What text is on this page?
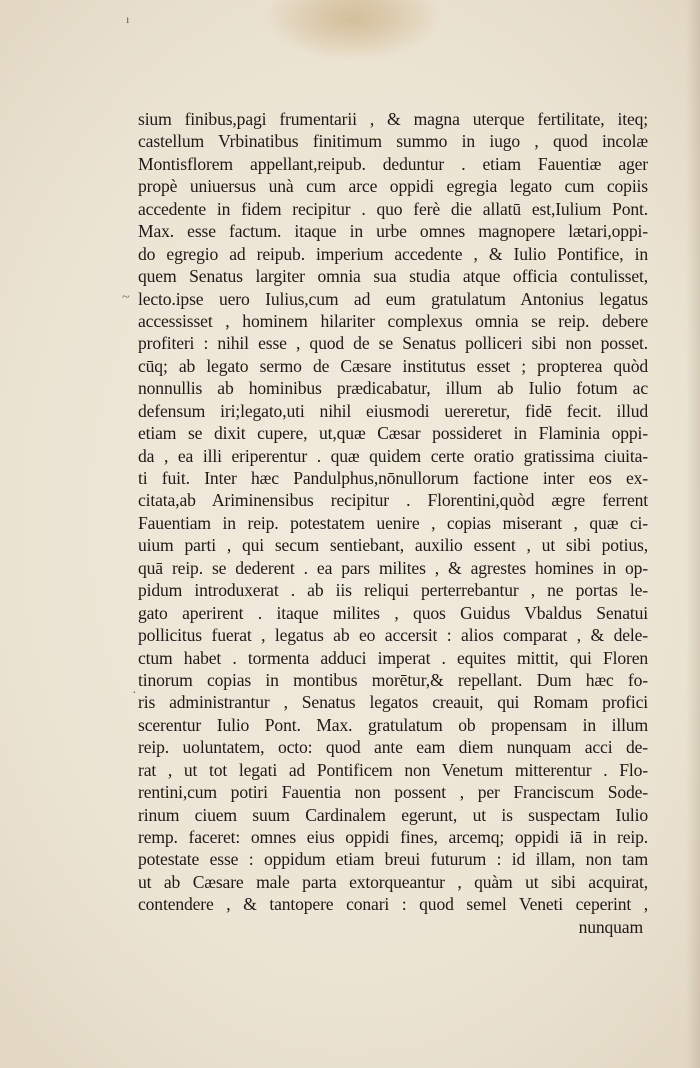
ı
~
·
sium finibus,pagi frumentarii , & magna uterque fertilitate, iteq;
castellum Vrbinatibus finitimum summo in iugo , quod incolæ
Montisflorem appellant,reipub. deduntur . etiam Fauentiæ ager
propè uniuersus unà cum arce oppidi egregia legato cum copiis
accedente in fidem recipitur . quo ferè die allatū est,Iulium Pont.
Max. esse factum. itaque in urbe omnes magnopere lætari,oppi-
do egregio ad reipub. imperium accedente , & Iulio Pontifice, in
quem Senatus largiter omnia sua studia atque officia contulisset,
lecto.ipse uero Iulius,cum ad eum gratulatum Antonius legatus
accessisset , hominem hilariter complexus omnia se reip. debere
profiteri : nihil esse , quod de se Senatus polliceri sibi non posset.
cūq; ab legato sermo de Cæsare institutus esset ; propterea quòd
nonnullis ab hominibus prædicabatur, illum ab Iulio fotum ac
defensum iri;legato,uti nihil eiusmodi uereretur, fidē fecit. illud
etiam se dixit cupere, ut,quæ Cæsar possideret in Flaminia oppi-
da , ea illi eriperentur . quæ quidem certe oratio gratissima ciuita-
ti fuit. Inter hæc Pandulphus,nōnullorum factione inter eos ex-
citata,ab Ariminensibus recipitur . Florentini,quòd ægre ferrent
Fauentiam in reip. potestatem uenire , copias miserant , quæ ci-
uium parti , qui secum sentiebant, auxilio essent , ut sibi potius,
quā reip. se dederent . ea pars milites , & agrestes homines in op-
pidum introduxerat . ab iis reliqui perterrebantur , ne portas le-
gato aperirent . itaque milites , quos Guidus Vbaldus Senatui
pollicitus fuerat , legatus ab eo accersit : alios comparat , & dele-
ctum habet . tormenta adduci imperat . equites mittit, qui Floren
tinorum copias in montibus morētur,& repellant. Dum hæc fo-
ris administrantur , Senatus legatos creauit, qui Romam profici
scerentur Iulio Pont. Max. gratulatum ob propensam in illum
reip. uoluntatem, octo: quod ante eam diem nunquam acci de-
rat , ut tot legati ad Pontificem non Venetum mitterentur . Flo-
rentini,cum potiri Fauentia non possent , per Franciscum Sode-
rinum ciuem suum Cardinalem egerunt, ut is suspectam Iulio
remp. faceret: omnes eius oppidi fines, arcemq; oppidi iā in reip.
potestate esse : oppidum etiam breui futurum : id illam, non tam
ut ab Cæsare male parta extorqueantur , quàm ut sibi acquirat,
contendere , & tantopere conari : quod semel Veneti ceperint ,
nunquam
